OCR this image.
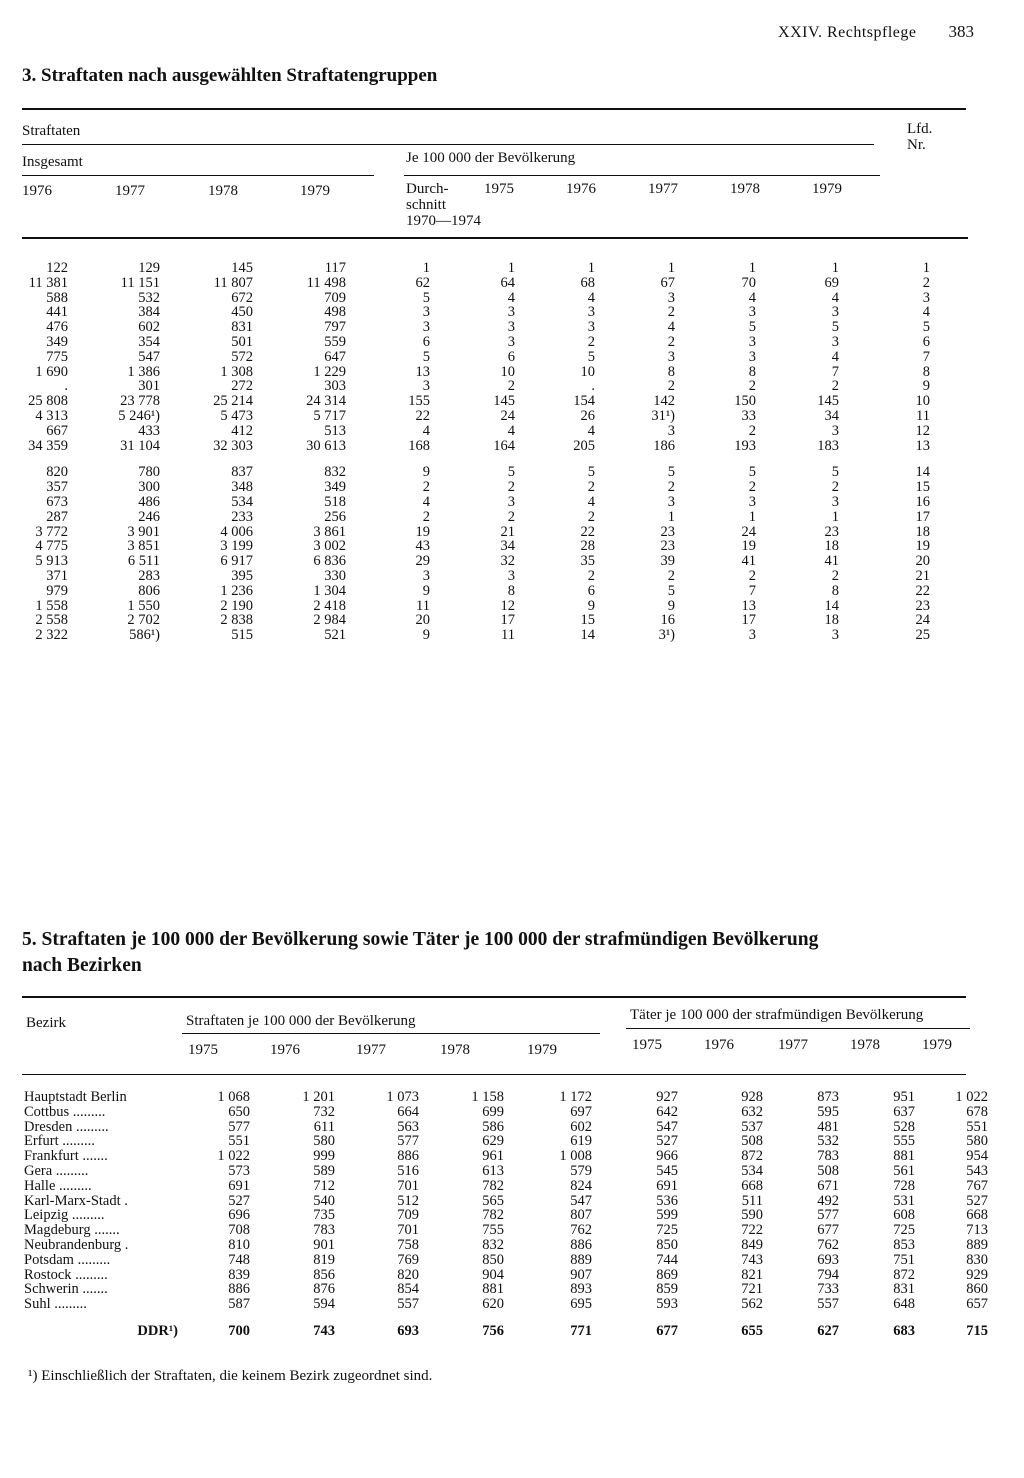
XXIV. Rechtspflege 383
3. Straftaten nach ausgewählten Straftatengruppen
Straftaten	Lfd.
Nr.
Insgesamt	Je 100 000 der Bevölkerung
1976	1977	1978	1979	Durch-
schnitt
1970—1974
1975	1976	1977	1978	1979
122	129	145	117	1	1	1	1	1	1	1
11 381	11 151	11 807	11 498	62	64	68	67	70	69	2
588	532	672	709	5	4	4	3	4	4	3
441	384	450	498	3	3	3	2	3	3	4
476	602	831	797	3	3	3	4	5	5	5
349	354	501	559	6	3	2	2	3	3	6
775	547	572	647	5	6	5	3	3	4	7
1 690	1 386	1 308	1 229	13	10	10	8	8	7	8
.	301	272	303	3	2	.	2	2	2	9
25 808	23 778	25 214	24 314	155	145	154	142	150	145	10
4 313	5 246¹)	5 473	5 717	22	24	26	31¹)	33	34	11
667	433	412	513	4	4	4	3	2	3	12
34 359	31 104	32 303	30 613	168	164	205	186	193	183	13

820	780	837	832	9	5	5	5	5	5	14
357	300	348	349	2	2	2	2	2	2	15
673	486	534	518	4	3	4	3	3	3	16
287	246	233	256	2	2	2	1	1	1	17
3 772	3 901	4 006	3 861	19	21	22	23	24	23	18
4 775	3 851	3 199	3 002	43	34	28	23	19	18	19
5 913	6 511	6 917	6 836	29	32	35	39	41	41	20
371	283	395	330	3	3	2	2	2	2	21
979	806	1 236	1 304	9	8	6	5	7	8	22
1 558	1 550	2 190	2 418	11	12	9	9	13	14	23
2 558	2 702	2 838	2 984	20	17	15	16	17	18	24
2 322	586¹)	515	521	9	11	14	3¹)	3	3	25
5. Straftaten je 100 000 der Bevölkerung sowie Täter je 100 000 der strafmündigen Bevölkerung
nach Bezirken
Bezirk	Straftaten je 100 000 der Bevölkerung	Täter je 100 000 der strafmündigen Bevölkerung
1975	1976	1977	1978	1979	1975	1976	1977	1978	1979
Hauptstadt Berlin	1 068	1 201	1 073	1 158	1 172	927	928	873	951	1 022
Cottbus .........	650	732	664	699	697	642	632	595	637	678
Dresden .........	577	611	563	586	602	547	537	481	528	551
Erfurt .........	551	580	577	629	619	527	508	532	555	580
Frankfurt .......	1 022	999	886	961	1 008	966	872	783	881	954
Gera .........	573	589	516	613	579	545	534	508	561	543
Halle .........	691	712	701	782	824	691	668	671	728	767
Karl-Marx-Stadt .	527	540	512	565	547	536	511	492	531	527
Leipzig .........	696	735	709	782	807	599	590	577	608	668
Magdeburg .......	708	783	701	755	762	725	722	677	725	713
Neubrandenburg .	810	901	758	832	886	850	849	762	853	889
Potsdam .........	748	819	769	850	889	744	743	693	751	830
Rostock .........	839	856	820	904	907	869	821	794	872	929
Schwerin .......	886	876	854	881	893	859	721	733	831	860
Suhl .........	587	594	557	620	695	593	562	557	648	657

DDR¹)	700	743	693	756	771	677	655	627	683	715
¹) Einschließlich der Straftaten, die keinem Bezirk zugeordnet sind.
